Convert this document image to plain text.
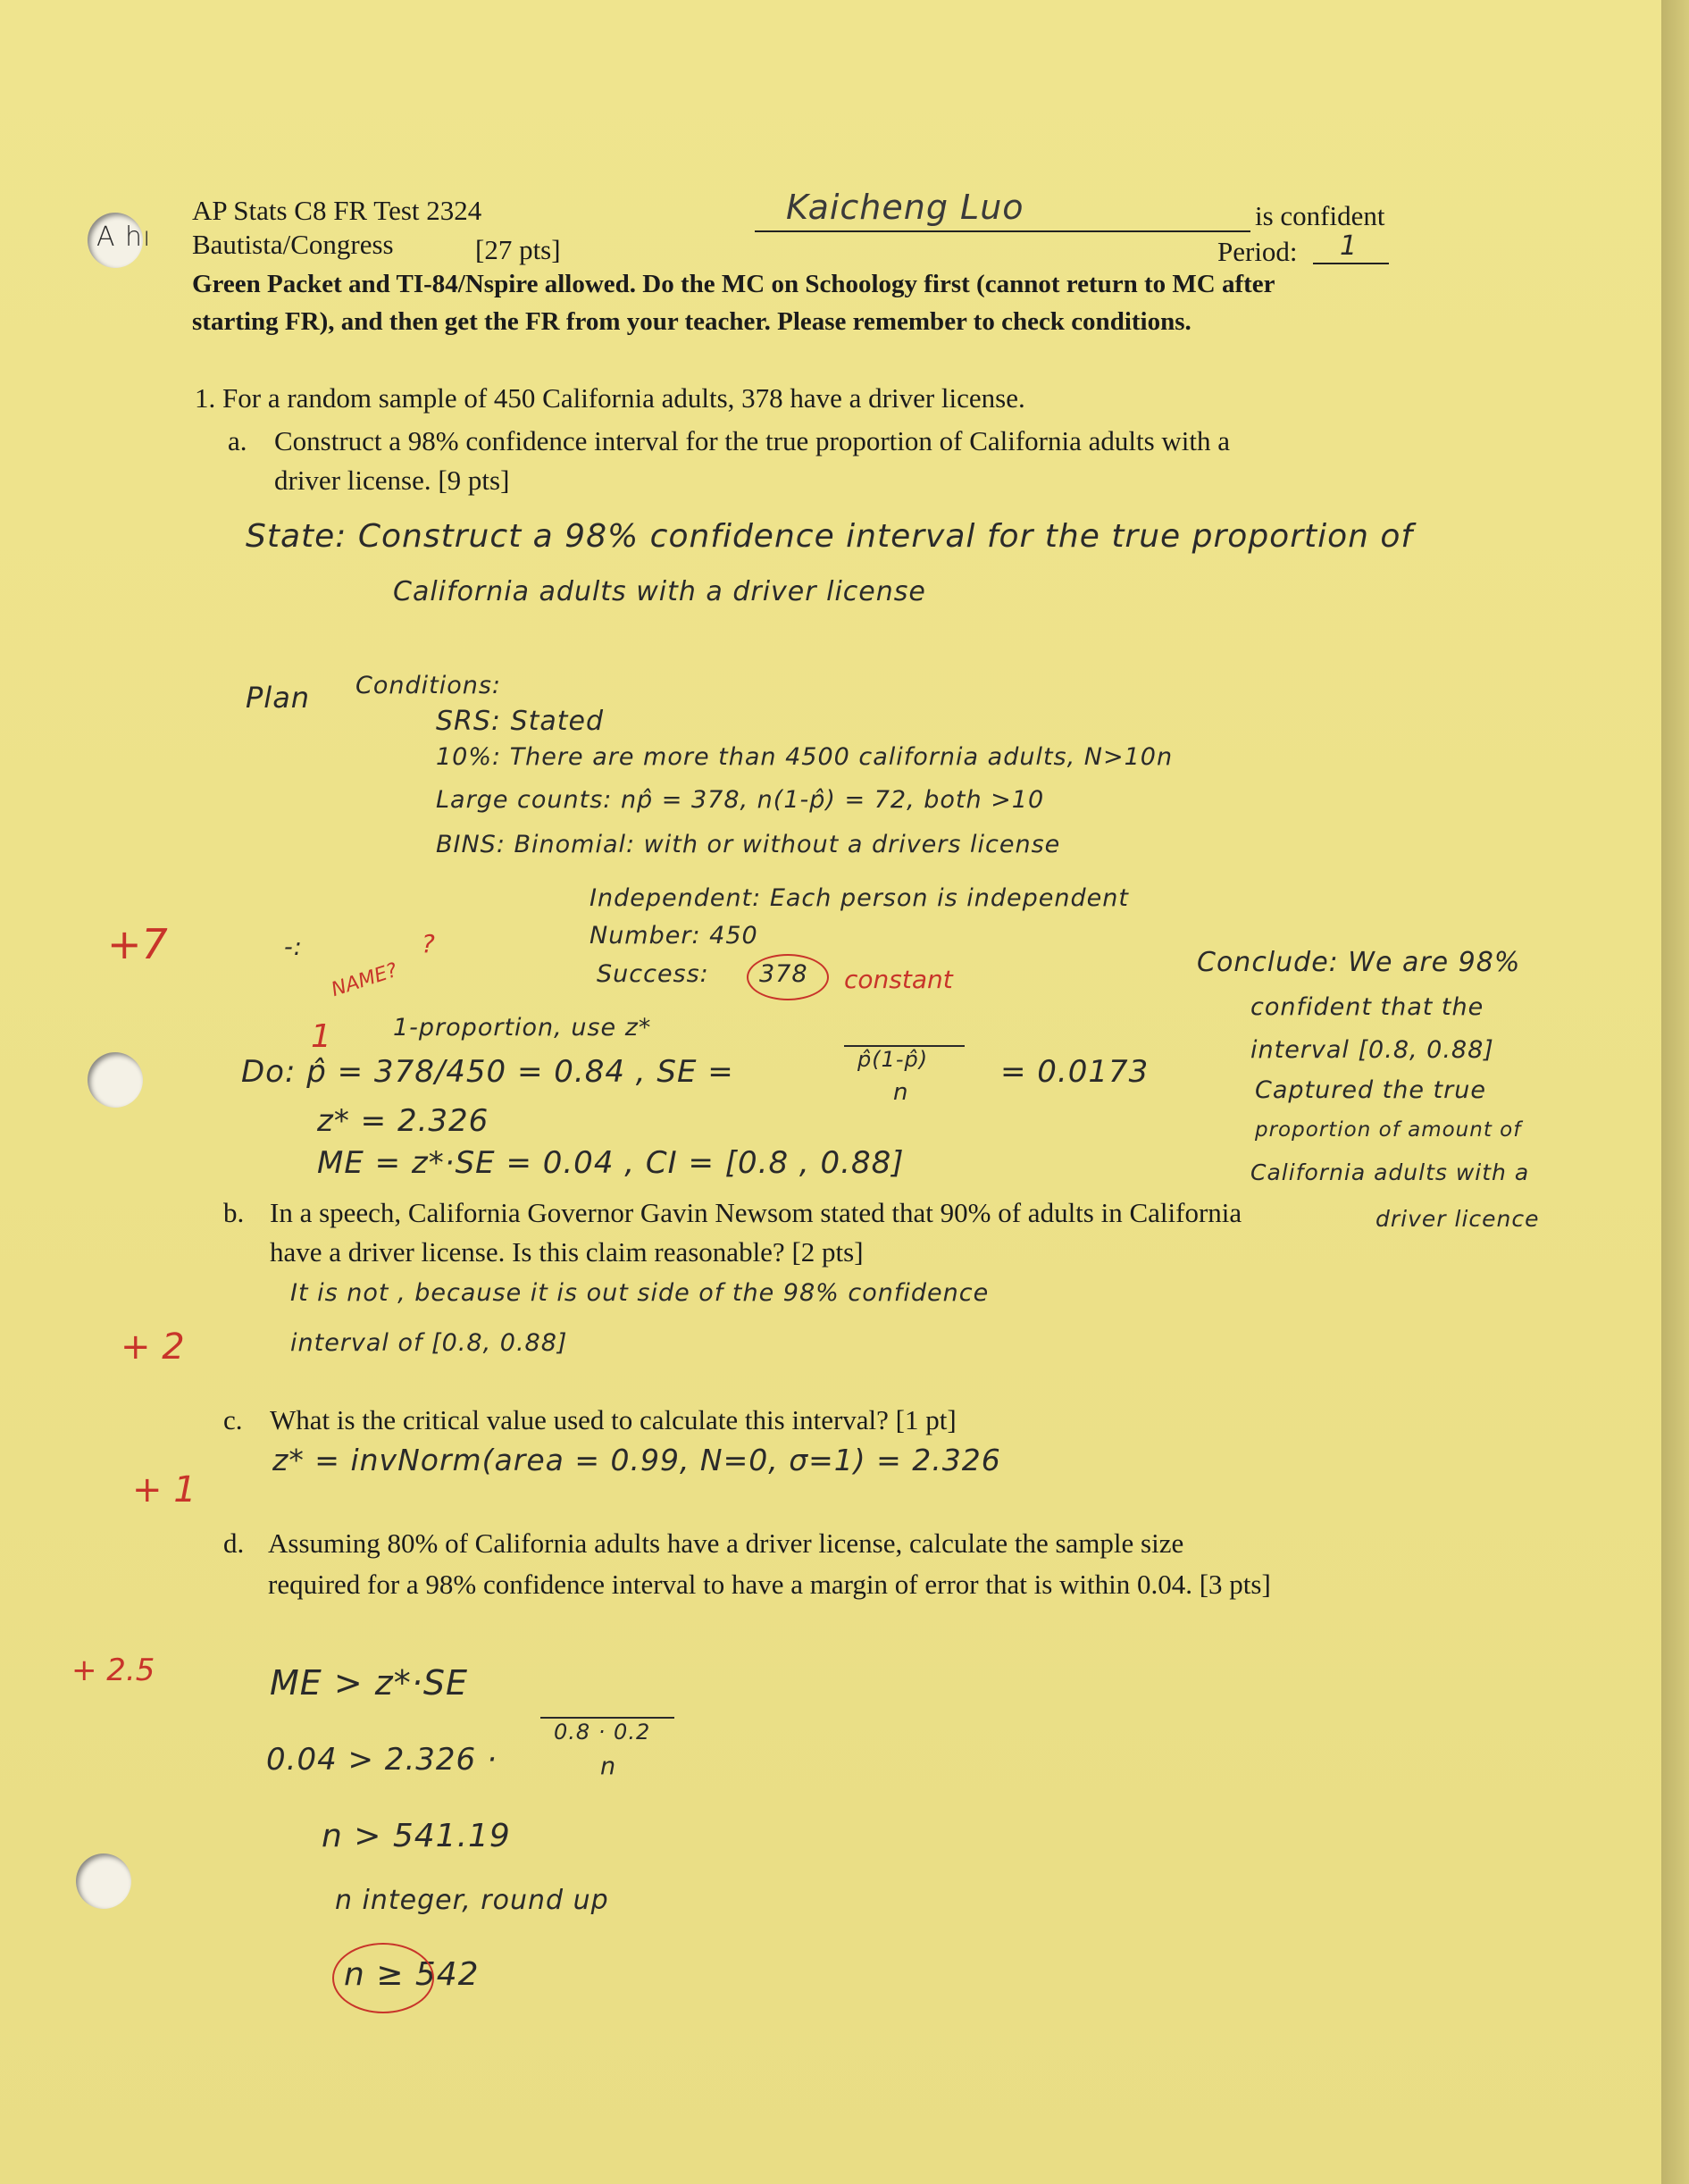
A hı
AP Stats C8 FR Test 2324
Bautista/Congress	[27 pts]
Kaicheng Luo	is confident
Period: 1
Green Packet and TI-84/Nspire allowed. Do the MC on Schoology first (cannot return to MC after
starting FR), and then get the FR from your teacher. Please remember to check conditions.
1. For a random sample of 450 California adults, 378 have a driver license.
a. Construct a 98% confidence interval for the true proportion of California adults with a
driver license. [9 pts]
State: Construct a 98% confidence interval for the true proportion of
California adults with a driver license
Plan Conditions:
SRS: Stated
10%: There are more than 4500 california adults, N>10n
Large counts: np̂ = 378, n(1-p̂) = 72, both >10
BINS: Binomial: with or without a drivers license
Independent: Each person is independent
Number: 450
Success: 378 constant
1-proportion, use z*
Do: p̂ = 378/450 = 0.84 , SE =	p̂(1-p̂)
n
= 0.0173
z* = 2.326
ME = z*·SE = 0.04 , CI = [0.8 , 0.88]
Conclude: We are 98%
confident that the
interval [0.8, 0.88]
Captured the true
proportion of amount of
California adults with a
driver licence
+7	-:	?
NAME?
1
b. In a speech, California Governor Gavin Newsom stated that 90% of adults in California
have a driver license. Is this claim reasonable? [2 pts]
It is not , because it is out side of the 98% confidence
interval of [0.8, 0.88]
+ 2
c. What is the critical value used to calculate this interval? [1 pt]
z* = invNorm(area = 0.99, N=0, σ=1) = 2.326
+ 1
d. Assuming 80% of California adults have a driver license, calculate the sample size
required for a 98% confidence interval to have a margin of error that is within 0.04. [3 pts]
+ 2.5	ME > z*·SE
0.04 > 2.326 ·
0.8 · 0.2
n
n > 541.19
n integer, round up
n ≥ 542
